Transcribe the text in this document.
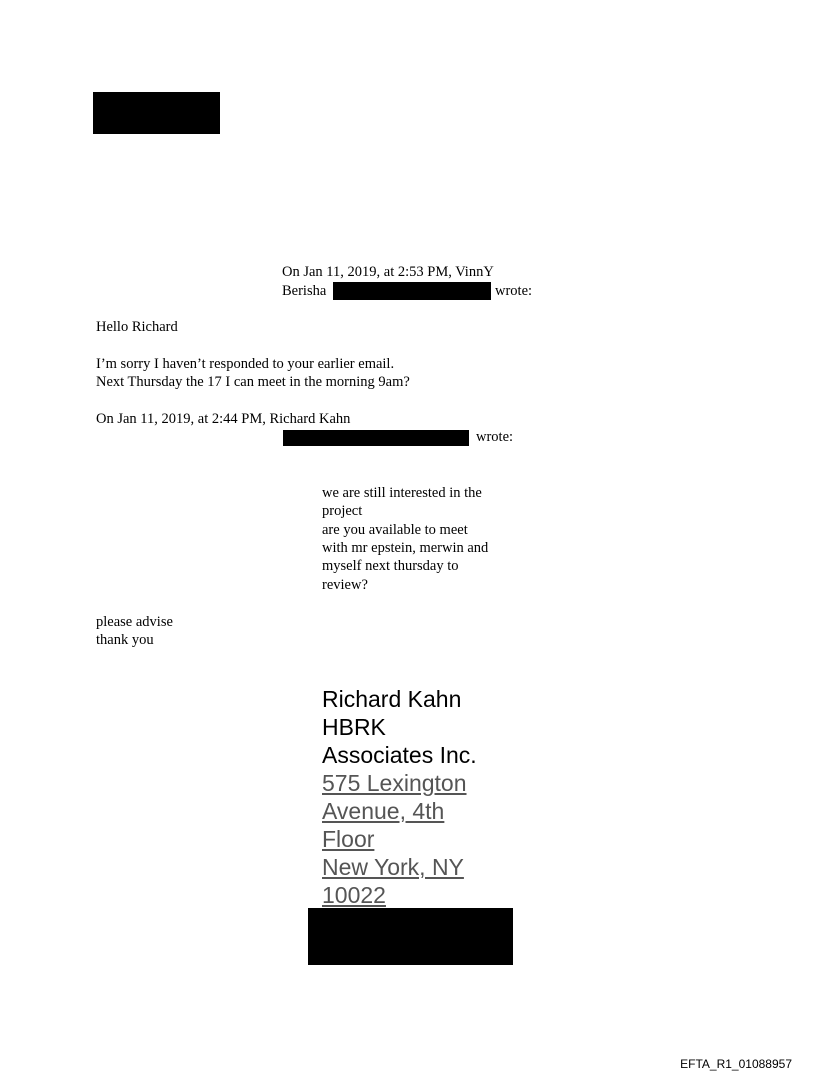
On Jan 11, 2019, at 2:53 PM, VinnY
Berisha	wrote:
Hello Richard
I’m sorry I haven’t responded to your earlier email.
Next Thursday the 17 I can meet in the morning 9am?
On Jan 11, 2019, at 2:44 PM, Richard Kahn
wrote:
we are still interested in the
project
are you available to meet
with mr epstein, merwin and
myself next thursday to
review?
please advise
thank you
Richard Kahn
HBRK
Associates Inc.
575 Lexington
Avenue, 4th
Floor
New York, NY
10022
EFTA_R1_01088957
